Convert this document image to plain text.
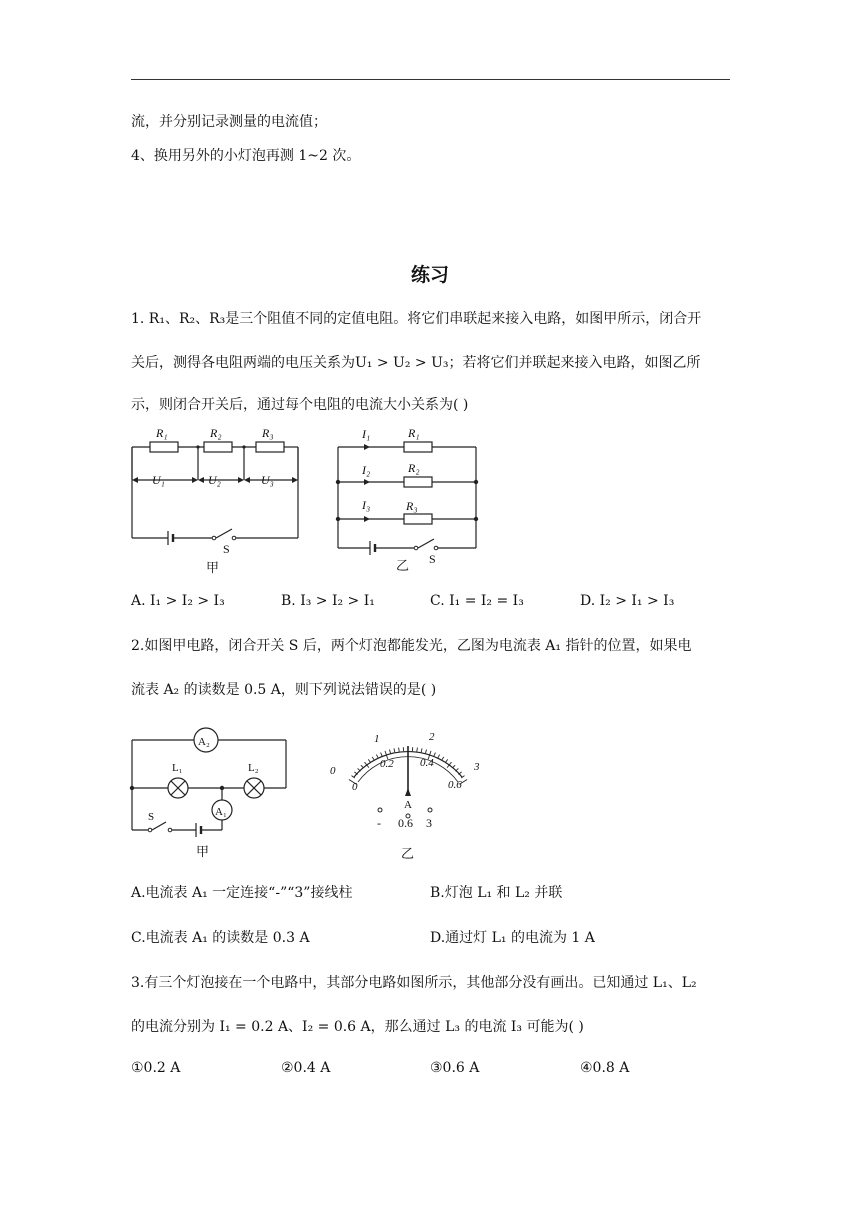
流，并分别记录测量的电流值；
4、换用另外的小灯泡再测 1~2 次。
练习
1. R₁、R₂、R₃是三个阻值不同的定值电阻。将它们串联起来接入电路，如图甲所示，闭合开
关后，测得各电阻两端的电压关系为U₁ > U₂ > U₃；若将它们并联起来接入电路，如图乙所
示，则闭合开关后，通过每个电阻的电流大小关系为( )
R₁	R₂	R₃
U₁	U₂	U₃
S
甲
I₁	R₁
I₂	R₂
I₃	R₃
S
乙
A. I₁ > I₂ > I₃	B. I₃ > I₂ > I₁	C. I₁ = I₂ = I₃	D. I₂ > I₁ > I₃
2.如图甲电路，闭合开关 S 后，两个灯泡都能发光，乙图为电流表 A₁ 指针的位置，如果电
流表 A₂ 的读数是 0.5 A，则下列说法错误的是( )
A₂
L₁	L₂
A₁
S
甲
0
1	2
3
0
0.2 0.4
0.6
A
- 0.6 3
乙
A.电流表 A₁ 一定连接“-”“3”接线柱	B.灯泡 L₁ 和 L₂ 并联
C.电流表 A₁ 的读数是 0.3 A	D.通过灯 L₁ 的电流为 1 A
3.有三个灯泡接在一个电路中，其部分电路如图所示，其他部分没有画出。已知通过 L₁、L₂
的电流分别为 I₁ = 0.2 A、I₂ = 0.6 A，那么通过 L₃ 的电流 I₃ 可能为( )
①0.2 A	②0.4 A	③0.6 A	④0.8 A
